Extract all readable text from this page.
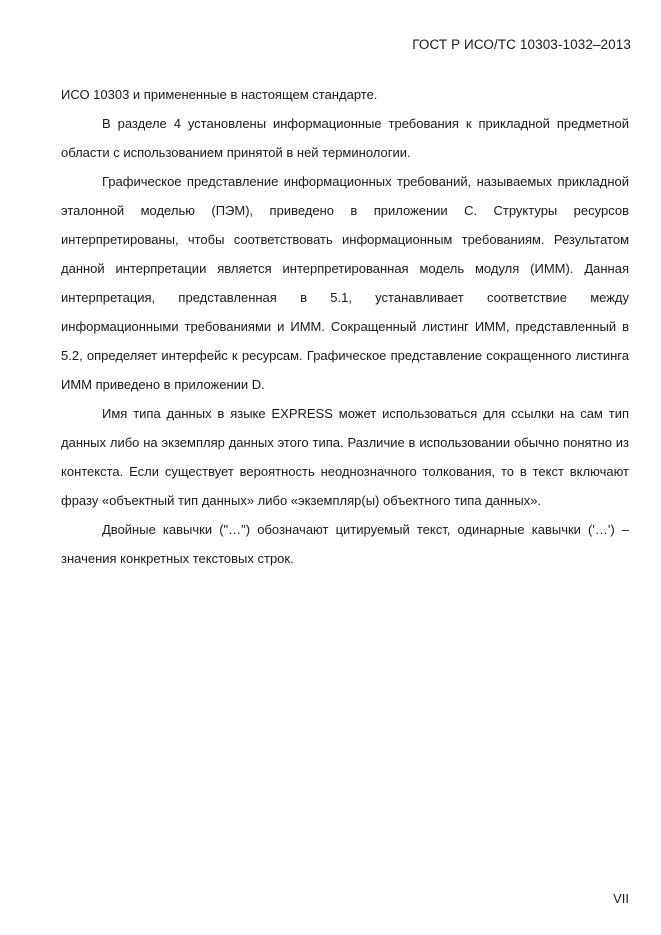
ГОСТ Р ИСО/ТС 10303-1032–2013

ИСО 10303 и примененные в настоящем стандарте.

В разделе 4 установлены информационные требования к прикладной предметной области с использованием принятой в ней терминологии.

Графическое представление информационных требований, называемых прикладной эталонной моделью (ПЭМ), приведено в приложении С. Структуры ресурсов интерпретированы, чтобы соответствовать информационным требованиям. Результатом данной интерпретации является интерпретированная модель модуля (ИММ). Данная интерпретация, представленная в 5.1, устанавливает соответствие между информационными требованиями и ИММ. Сокращенный листинг ИММ, представленный в 5.2, определяет интерфейс к ресурсам. Графическое представление сокращенного листинга ИММ приведено в приложении D.

Имя типа данных в языке EXPRESS может использоваться для ссылки на сам тип данных либо на экземпляр данных этого типа. Различие в использовании обычно понятно из контекста. Если существует вероятность неоднозначного толкования, то в текст включают фразу «объектный тип данных» либо «экземпляр(ы) объектного типа данных».

Двойные кавычки ("…") обозначают цитируемый текст, одинарные кавычки ('…') – значения конкретных текстовых строк.

VII
